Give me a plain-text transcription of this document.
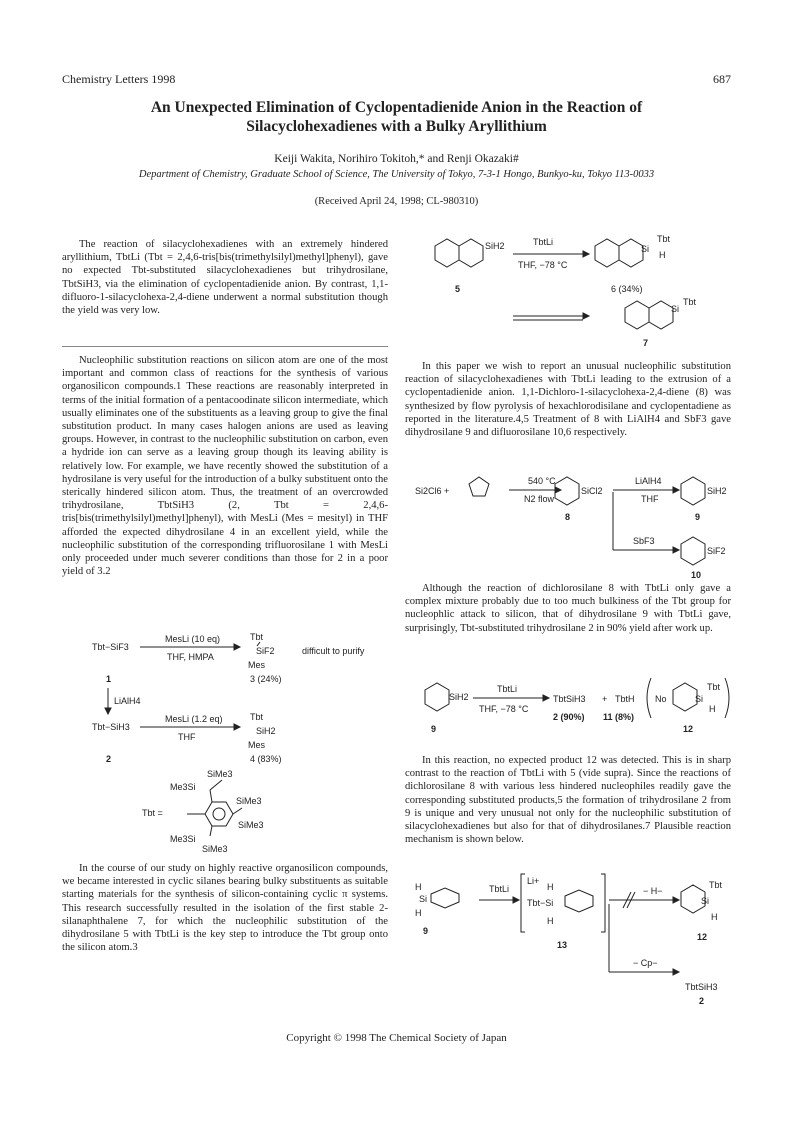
Chemistry Letters 1998	687
An Unexpected Elimination of Cyclopentadienide Anion in the Reaction of
Silacyclohexadienes with a Bulky Aryllithium
Keiji Wakita, Norihiro Tokitoh,* and Renji Okazaki#
Department of Chemistry, Graduate School of Science, The University of Tokyo, 7-3-1 Hongo, Bunkyo-ku, Tokyo 113-0033
(Received April 24, 1998; CL-980310)

The reaction of silacyclohexadienes with an extremely hindered aryllithium, TbtLi (Tbt = 2,4,6-tris[bis(trimethylsilyl)methyl]phenyl), gave no expected Tbt-substituted silacyclohexadienes but trihydrosilane, TbtSiH3, via the elimination of cyclopentadienide anion. By contrast, 1,1-difluoro-1-silacyclohexa-2,4-diene underwent a normal substitution though the yield was very low.

Nucleophilic substitution reactions on silicon atom are one of the most important and common class of reactions for the synthesis of various organosilicon compounds.1 These reactions are reasonably interpreted in terms of the initial formation of a pentacoodinate silicon intermediate, which usually eliminates one of the substituents as a leaving group to give the final substitution product. In many cases halogen anions are used as leaving groups. However, in contrast to the nucleophilic substitution on carbon, even a hydride ion can serve as a leaving group though its leaving ability is relatively low. For example, we have recently showed the substitution of a hydrosilane is very useful for the introduction of a bulky substituent onto the sterically hindered silicon atom. Thus, the treatment of an overcrowded trihydrosilane, TbtSiH3 (2, Tbt = 2,4,6-tris[bis(trimethylsilyl)methyl]phenyl), with MesLi (Mes = mesityl) in THF afforded the expected dihydrosilane 4 in an excellent yield, while the nucleophilic substitution of the corresponding trifluorosilane 1 with MesLi only proceeded under much severer conditions than those for 2 in a poor yield of 3.2

Tbt−SiF3
MesLi (10 eq)
THF, HMPA
Tbt
SiF2
Mes
difficult to purify
1	3 (24%)
LiAlH4
Tbt−SiH3
MesLi (1.2 eq)
THF
Tbt
SiH2
Mes
2	4 (83%)
Tbt =
SiMe3
Me3Si
SiMe3
SiMe3
Me3Si
SiMe3

In the course of our study on highly reactive organosilicon compounds, we became interested in cyclic silanes bearing bulky substituents as suitable starting materials for the synthesis of silicon-containing cyclic π systems. This research successfully resulted in the isolation of the first stable 2-silanaphthalene 7, for which the nucleophilic substitution of the dihydrosilane 5 with TbtLi is the key step to introduce the Tbt group onto the silicon atom.3

SiH2	TbtLi
THF, −78 °C
Si
Tbt
H
5	6 (34%)
Si
Tbt
7

In this paper we wish to report an unusual nucleophilic substitution reaction of silacyclohexadienes with TbtLi leading to the extrusion of a cyclopentadienide anion. 1,1-Dichloro-1-silacyclohexa-2,4-diene (8) was synthesized by flow pyrolysis of hexachlorodisilane and cyclopentadiene as reported in the literature.4,5 Treatment of 8 with LiAlH4 and SbF3 gave dihydrosilane 9 and difluorosilane 10,6 respectively.

Si2Cl6 +
540 °C
N2 flow
SiCl2
8
LiAlH4
THF
SiH2
9
SbF3
SiF2
10

Although the reaction of dichlorosilane 8 with TbtLi only gave a complex mixture probably due to too much bulkiness of the Tbt group for nucleophlic attack to silicon, that of dihydrosilane 9 with TbtLi gave, surprisingly, Tbt-substituted trihydrosilane 2 in 90% yield after work up.

SiH2
TbtLi
THF, −78 °C
TbtSiH3 + TbtH No	Si
Tbt
H
2 (90%) 11 (8%)
9	12

In this reaction, no expected product 12 was detected. This is in sharp contrast to the reaction of TbtLi with 5 (vide supra). Since the reactions of dichlorosilane 8 with various less hindered nucleophiles readily gave the corresponding substituted products,5 the formation of trihydrosilane 2 from 9 is unique and very unusual not only for the nucleophilic substitution of silacyclohexadienes but also for that of dihydrosilanes.7 Plausible reaction mechanism is shown below.

H
Si
H
TbtLi
9
Li+
H
Tbt−Si
H
13
− H−
Si
Tbt
H
12
− Cp−
TbtSiH3
2
Copyright © 1998 The Chemical Society of Japan
